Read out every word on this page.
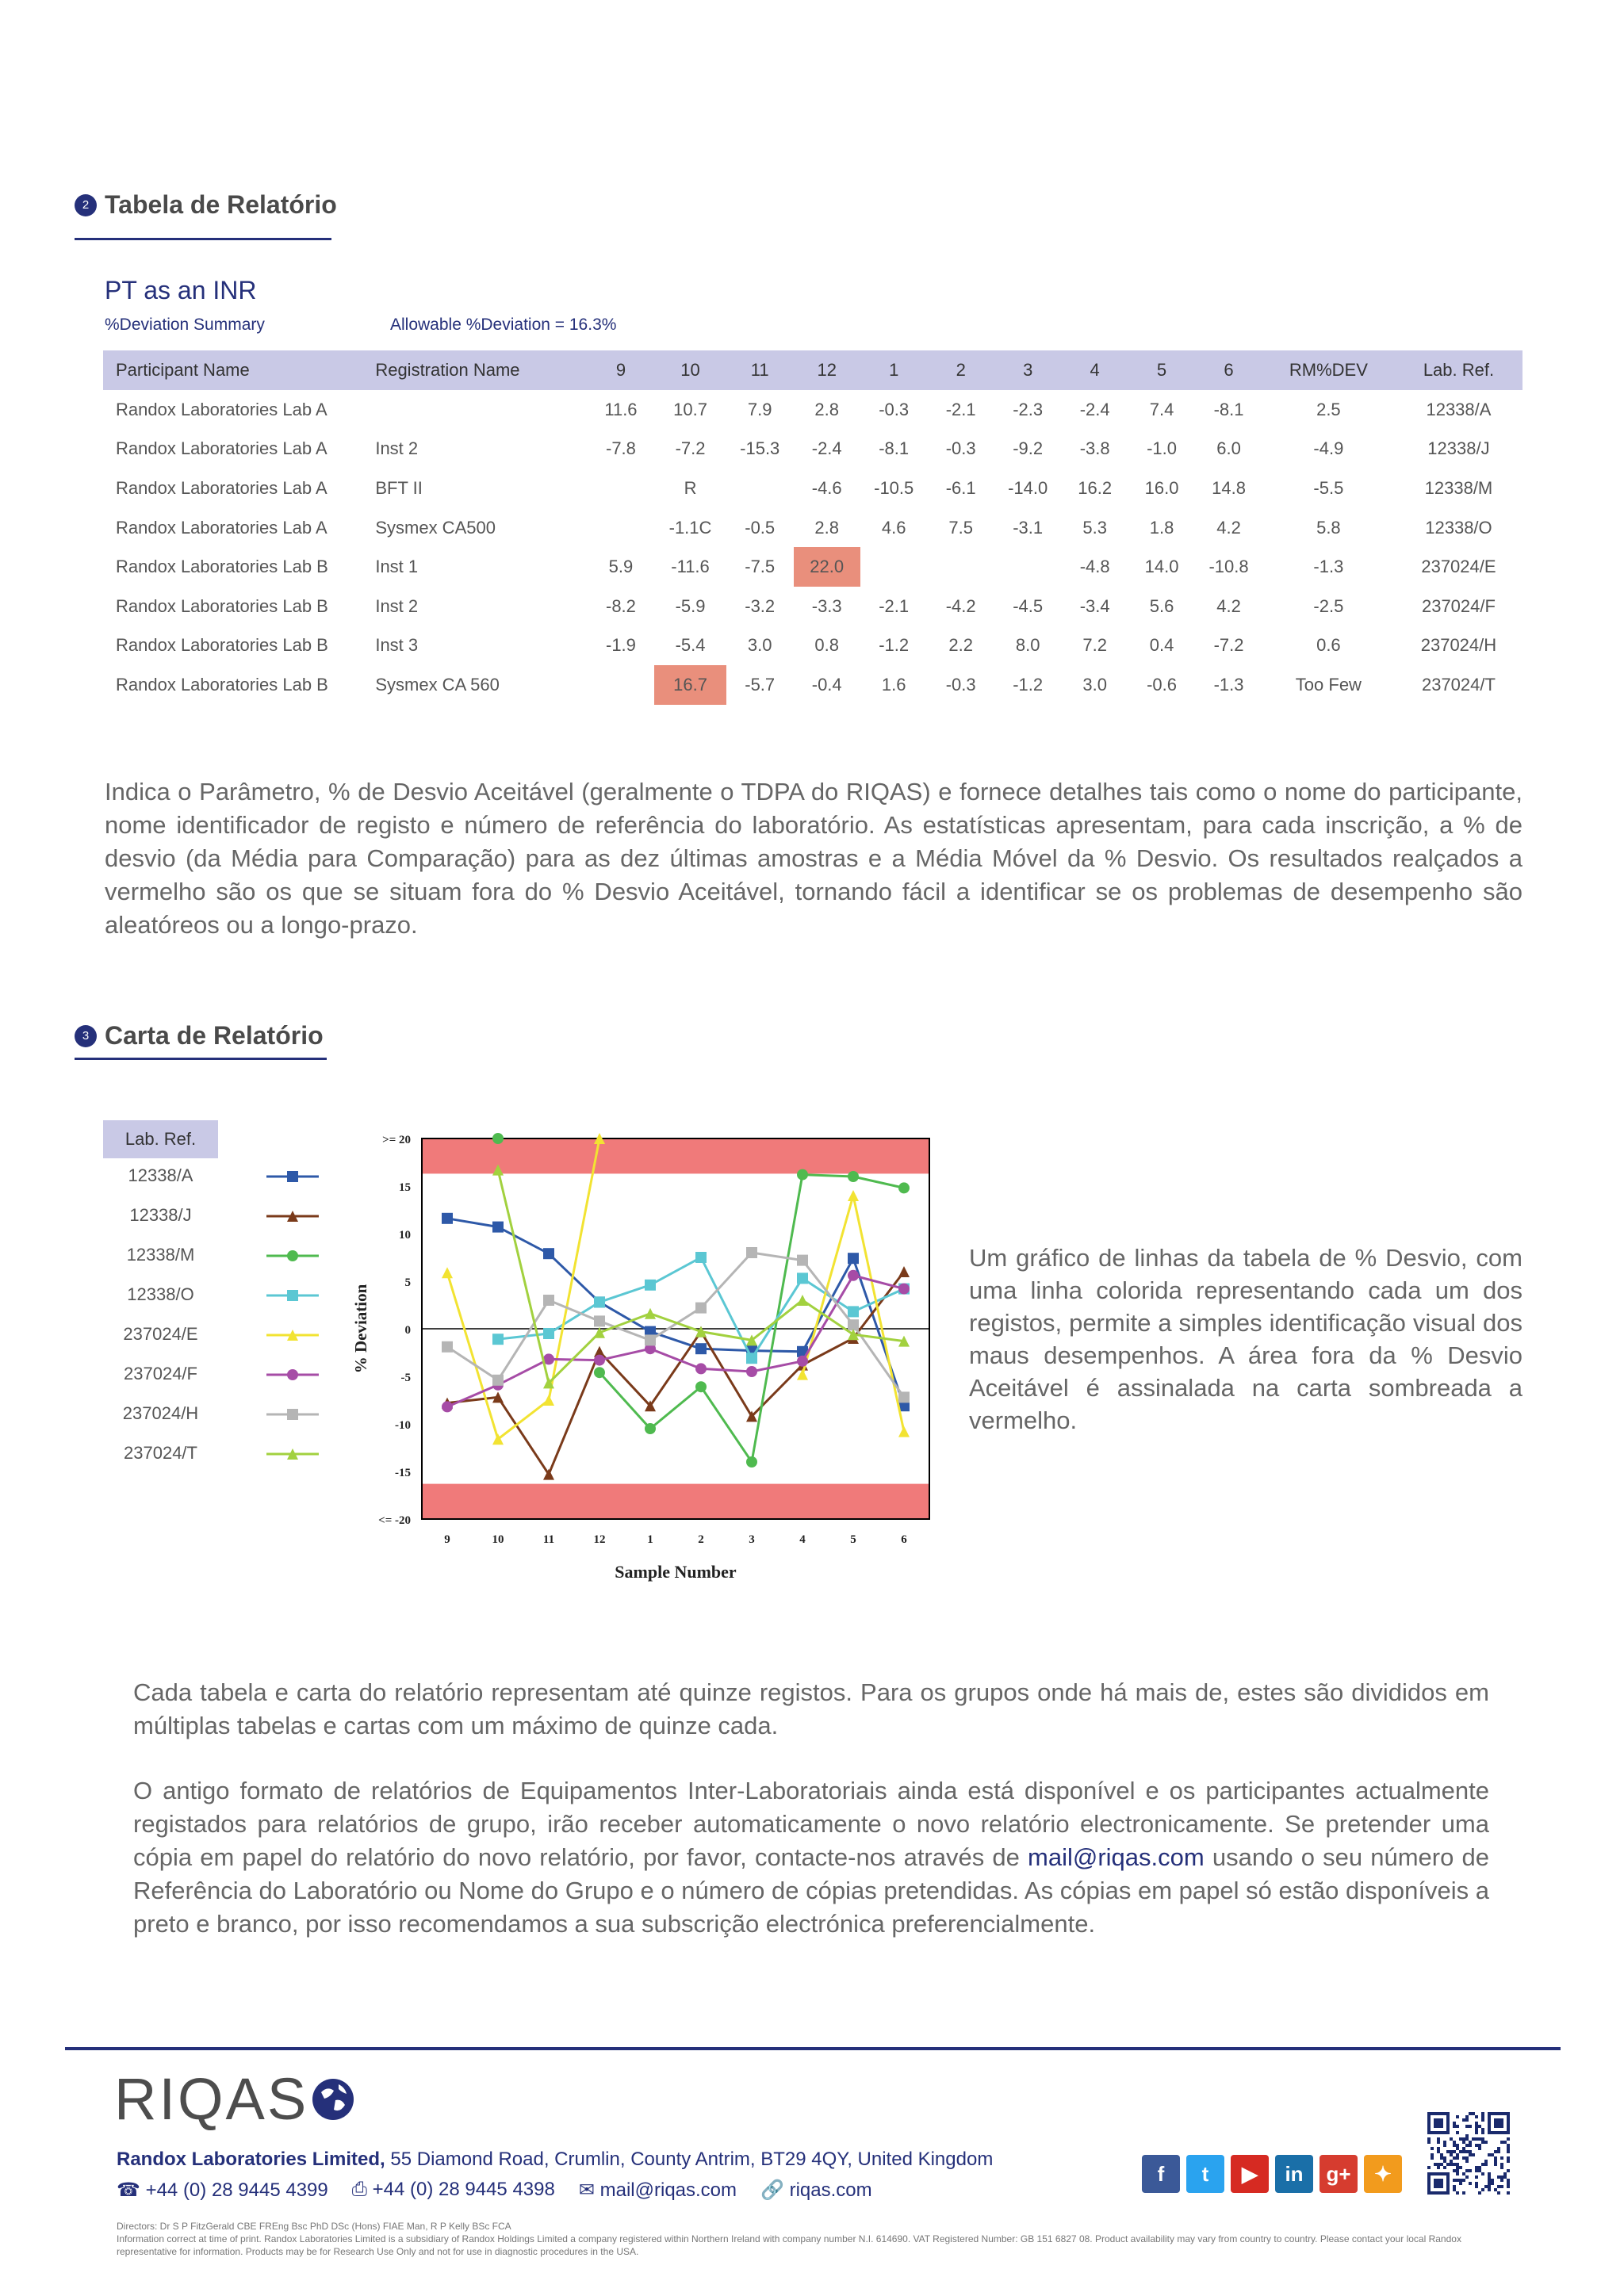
2 Tabela de Relatório
PT as an INR
%Deviation Summary	Allowable %Deviation = 16.3%
Participant Name	Registration Name	9	10	11	12	1	2	3	4	5	6	RM%DEV	Lab. Ref.
Randox Laboratories Lab A		11.6	10.7	7.9	2.8	-0.3	-2.1	-2.3	-2.4	7.4	-8.1	2.5	12338/A
Randox Laboratories Lab A	Inst 2	-7.8	-7.2	-15.3	-2.4	-8.1	-0.3	-9.2	-3.8	-1.0	6.0	-4.9	12338/J
Randox Laboratories Lab A	BFT II		R		-4.6	-10.5	-6.1	-14.0	16.2	16.0	14.8	-5.5	12338/M
Randox Laboratories Lab A	Sysmex CA500		-1.1C	-0.5	2.8	4.6	7.5	-3.1	5.3	1.8	4.2	5.8	12338/O
Randox Laboratories Lab B	Inst 1	5.9	-11.6	-7.5	22.0				-4.8	14.0	-10.8	-1.3	237024/E
Randox Laboratories Lab B	Inst 2	-8.2	-5.9	-3.2	-3.3	-2.1	-4.2	-4.5	-3.4	5.6	4.2	-2.5	237024/F
Randox Laboratories Lab B	Inst 3	-1.9	-5.4	3.0	0.8	-1.2	2.2	8.0	7.2	0.4	-7.2	0.6	237024/H
Randox Laboratories Lab B	Sysmex CA 560		16.7	-5.7	-0.4	1.6	-0.3	-1.2	3.0	-0.6	-1.3	Too Few	237024/T
Indica o Parâmetro, % de Desvio Aceitável (geralmente o TDPA do RIQAS) e fornece detalhes tais como o nome do participante, nome identificador de registo e número de referência do laboratório. As estatísticas apresentam, para cada inscrição, a % de desvio (da Média para Comparação) para as dez últimas amostras e a Média Móvel da % Desvio. Os resultados realçados a vermelho são os que se situam fora do % Desvio Aceitável, tornando fácil a identificar se os problemas de desempenho são aleatóreos ou a longo-prazo.
3 Carta de Relatório
Lab. Ref.
12338/A
12338/J
12338/M
12338/O
237024/E
237024/F
237024/H
237024/T
<= -20
-15
-10
-5
0
5
10
15
>= 20
9	10	11	12	1	2	3	4	5	6
% Deviation
Sample Number
Um gráfico de linhas da tabela de % Desvio, com uma linha colorida representando cada um dos registos, permite a simples identificação visual dos maus desempenhos. A área fora da % Desvio Aceitável é assinalada na carta sombreada a vermelho.
Cada tabela e carta do relatório representam até quinze registos. Para os grupos onde há mais de, estes são divididos em múltiplas tabelas e cartas com um máximo de quinze cada.
O antigo formato de relatórios de Equipamentos Inter-Laboratoriais ainda está disponível e os participantes actualmente registados para relatórios de grupo, irão receber automaticamente o novo relatório electronicamente. Se pretender uma cópia em papel do relatório do novo relatório, por favor, contacte-nos através de mail@riqas.com usando o seu número de Referência do Laboratório ou Nome do Grupo e o número de cópias pretendidas. As cópias em papel só estão disponíveis a preto e branco, por isso recomendamos a sua subscrição electrónica preferencialmente.
RIQAS
Randox Laboratories Limited, 55 Diamond Road, Crumlin, County Antrim, BT29 4QY, United Kingdom
☎ +44 (0) 28 9445 4399 ⎙ +44 (0) 28 9445 4398 ✉ mail@riqas.com 🔗 riqas.com
f	t	▶	in	g+	✦
Directors: Dr S P FitzGerald CBE FREng Bsc PhD DSc (Hons) FIAE Man, R P Kelly BSc FCA
Information correct at time of print. Randox Laboratories Limited is a subsidiary of Randox Holdings Limited a company registered within Northern Ireland with company number N.I. 614690. VAT Registered Number: GB 151 6827 08. Product availability may vary from country to country. Please contact your local Randox representative for information. Products may be for Research Use Only and not for use in diagnostic procedures in the USA.
